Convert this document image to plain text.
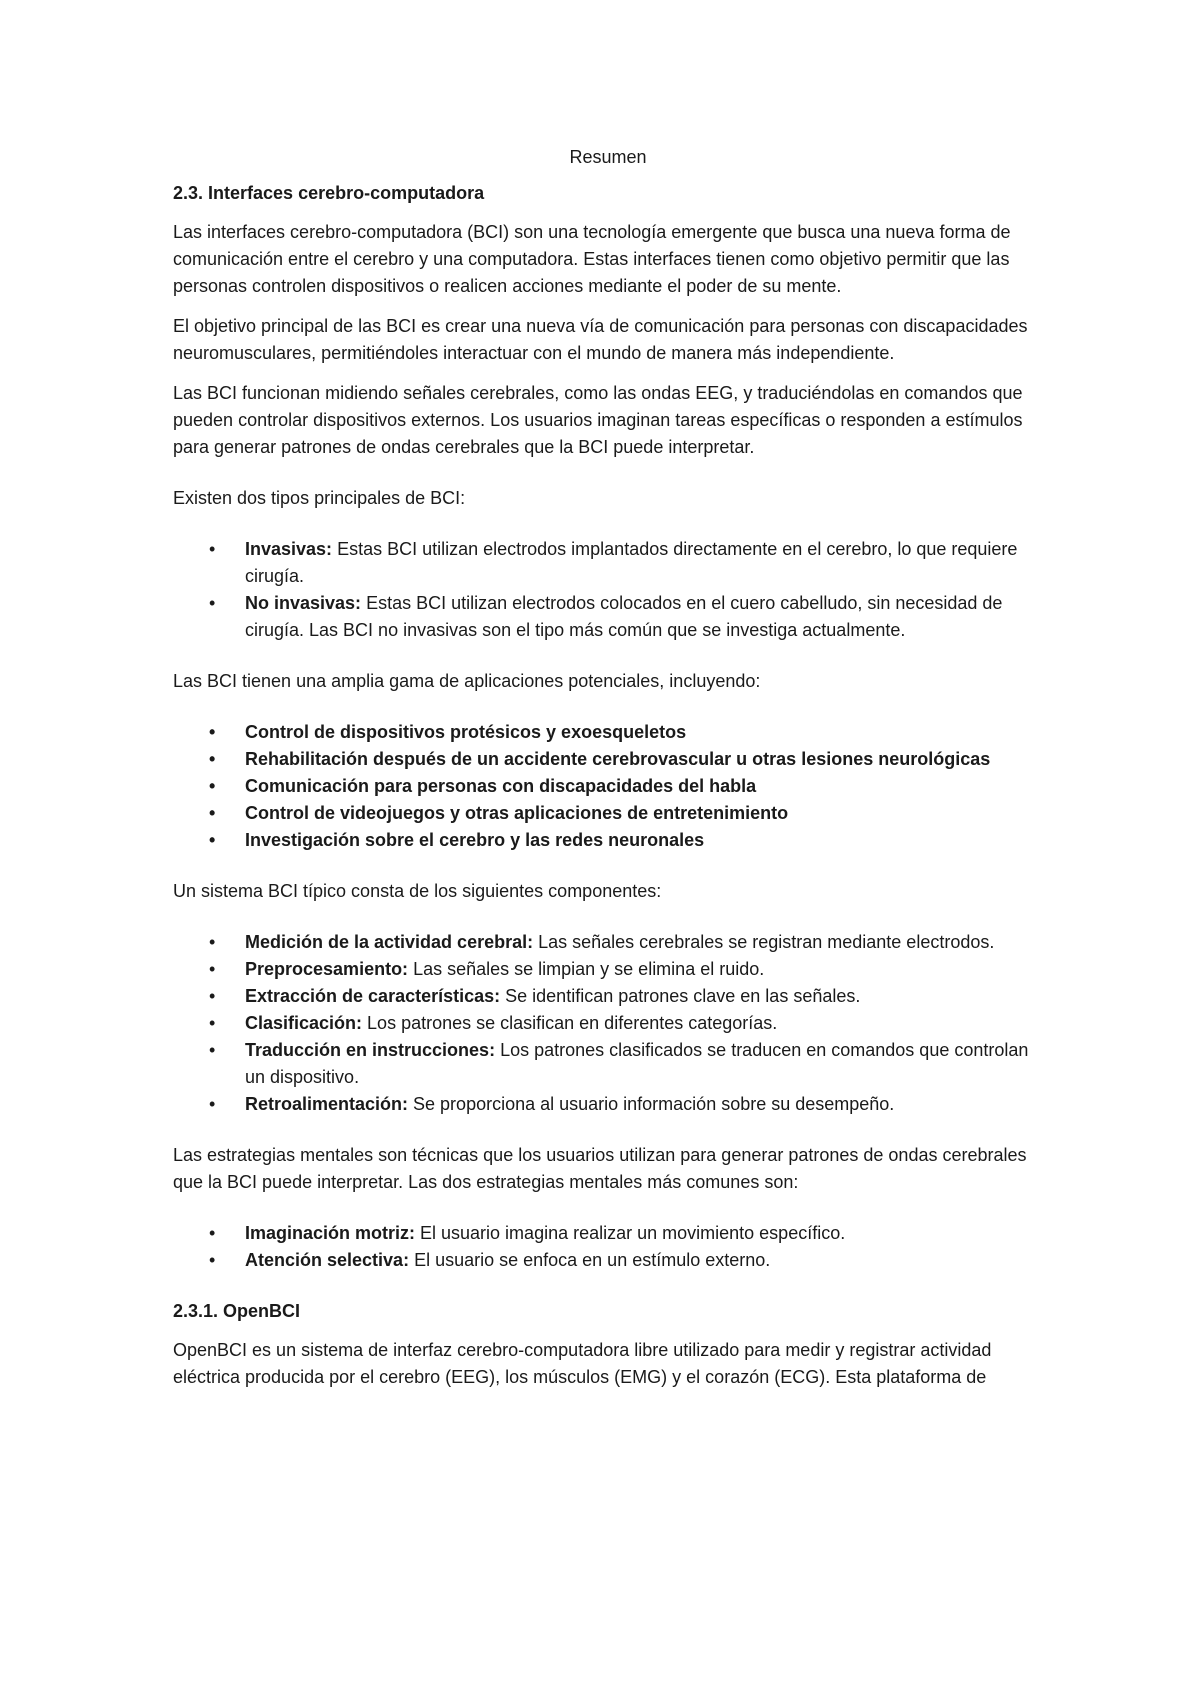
Resumen
2.3. Interfaces cerebro-computadora

Las interfaces cerebro-computadora (BCI) son una tecnología emergente que busca una nueva forma de comunicación entre el cerebro y una computadora. Estas interfaces tienen como objetivo permitir que las personas controlen dispositivos o realicen acciones mediante el poder de su mente.

El objetivo principal de las BCI es crear una nueva vía de comunicación para personas con discapacidades neuromusculares, permitiéndoles interactuar con el mundo de manera más independiente.

Las BCI funcionan midiendo señales cerebrales, como las ondas EEG, y traduciéndolas en comandos que pueden controlar dispositivos externos. Los usuarios imaginan tareas específicas o responden a estímulos para generar patrones de ondas cerebrales que la BCI puede interpretar.

Existen dos tipos principales de BCI:

• Invasivas: Estas BCI utilizan electrodos implantados directamente en el cerebro, lo que requiere cirugía.
• No invasivas: Estas BCI utilizan electrodos colocados en el cuero cabelludo, sin necesidad de cirugía. Las BCI no invasivas son el tipo más común que se investiga actualmente.

Las BCI tienen una amplia gama de aplicaciones potenciales, incluyendo:

• Control de dispositivos protésicos y exoesqueletos
• Rehabilitación después de un accidente cerebrovascular u otras lesiones neurológicas
• Comunicación para personas con discapacidades del habla
• Control de videojuegos y otras aplicaciones de entretenimiento
• Investigación sobre el cerebro y las redes neuronales

Un sistema BCI típico consta de los siguientes componentes:

• Medición de la actividad cerebral: Las señales cerebrales se registran mediante electrodos.
• Preprocesamiento: Las señales se limpian y se elimina el ruido.
• Extracción de características: Se identifican patrones clave en las señales.
• Clasificación: Los patrones se clasifican en diferentes categorías.
• Traducción en instrucciones: Los patrones clasificados se traducen en comandos que controlan un dispositivo.
• Retroalimentación: Se proporciona al usuario información sobre su desempeño.

Las estrategias mentales son técnicas que los usuarios utilizan para generar patrones de ondas cerebrales que la BCI puede interpretar. Las dos estrategias mentales más comunes son:

• Imaginación motriz: El usuario imagina realizar un movimiento específico.
• Atención selectiva: El usuario se enfoca en un estímulo externo.
2.3.1. OpenBCI

OpenBCI es un sistema de interfaz cerebro-computadora libre utilizado para medir y registrar actividad eléctrica producida por el cerebro (EEG), los músculos (EMG) y el corazón (ECG). Esta plataforma de
